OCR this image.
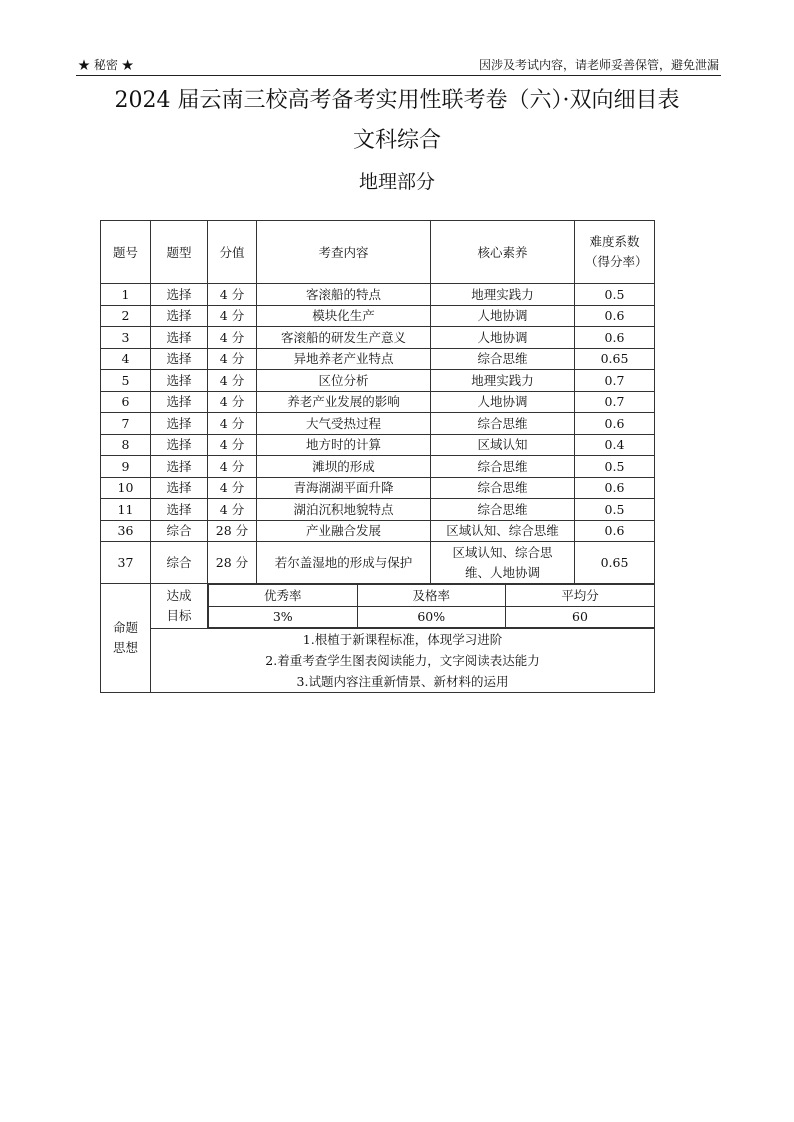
★ 秘密 ★	因涉及考试内容，请老师妥善保管，避免泄漏
2024 届云南三校高考备考实用性联考卷（六）·双向细目表
文科综合
地理部分
题号	题型	分值	考查内容	核心素养	难度系数（得分率）
1	选择	4 分	客滚船的特点	地理实践力	0.5
2	选择	4 分	模块化生产	人地协调	0.6
3	选择	4 分	客滚船的研发生产意义	人地协调	0.6
4	选择	4 分	异地养老产业特点	综合思维	0.65
5	选择	4 分	区位分析	地理实践力	0.7
6	选择	4 分	养老产业发展的影响	人地协调	0.7
7	选择	4 分	大气受热过程	综合思维	0.6
8	选择	4 分	地方时的计算	区域认知	0.4
9	选择	4 分	滩坝的形成	综合思维	0.5
10	选择	4 分	青海湖湖平面升降	综合思维	0.6
11	选择	4 分	湖泊沉积地貌特点	综合思维	0.5
36	综合	28 分	产业融合发展	区域认知、综合思维	0.6
37	综合	28 分	若尔盖湿地的形成与保护	区域认知、综合思维、人地协调	0.65

命题思想

达成目标

优秀率	及格率	平均分
3%	60%	60

1.根植于新课程标准，体现学习进阶
2.着重考查学生图表阅读能力，文字阅读表达能力
3.试题内容注重新情景、新材料的运用
